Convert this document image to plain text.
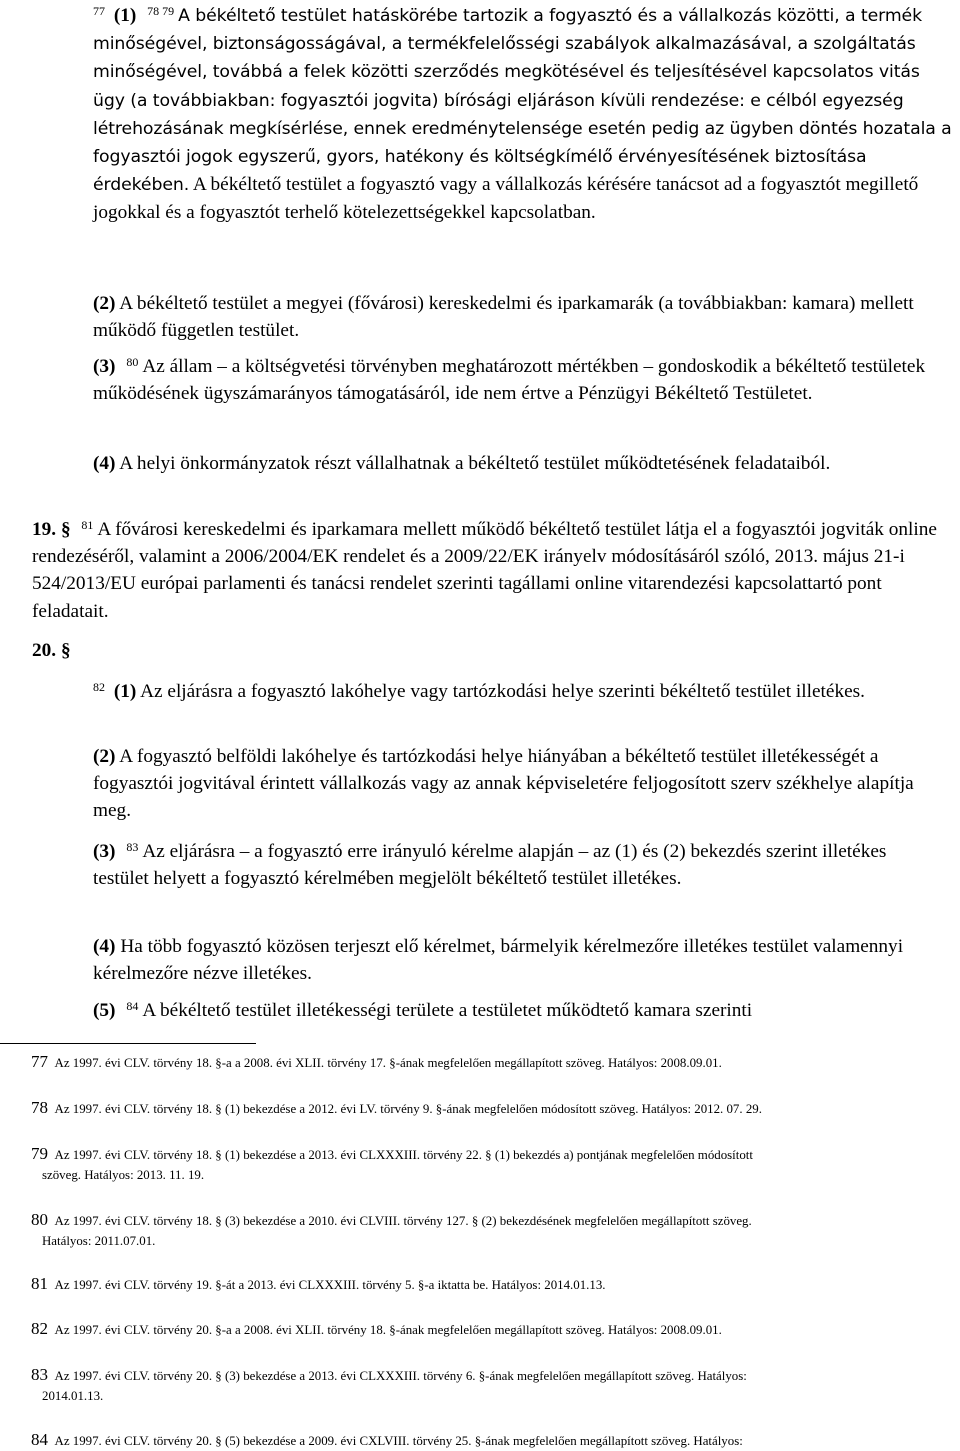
$^{77}$ (1) $^{78 79}$ A békéltető testület hatáskörébe tartozik a fogyasztó és a vállalkozás közötti, a termék minőségével, biztonságosságával, a termékfelelősségi szabályok alkalmazásával, a szolgáltatás minőségével, továbbá a felek közötti szerződés megkötésével és teljesítésével kapcsolatos vitás ügy (a továbbiakban: fogyasztói jogvita) bírósági eljáráson kívüli rendezése: e célból egyezség létrehozásának megkísérlése, ennek eredménytelensége esetén pedig az ügyben döntés hozatala a fogyasztói jogok egyszerű, gyors, hatékony és költségkímélő érvényesítésének biztosítása érdekében. A békéltető testület a fogyasztó vagy a vállalkozás kérésére tanácsot ad a fogyasztót megillető jogokkal és a fogyasztót terhelő kötelezettségekkel kapcsolatban.

(2) A békéltető testület a megyei (fővárosi) kereskedelmi és iparkamarák (a továbbiakban: kamara) mellett működő független testület.

(3) $^{80}$ Az állam – a költségvetési törvényben meghatározott mértékben – gondoskodik a békéltető testületek működésének ügyszámarányos támogatásáról, ide nem értve a Pénzügyi Békéltető Testületet.

(4) A helyi önkormányzatok részt vállalhatnak a békéltető testület működtetésének feladataiból.

19. § $^{81}$ A fővárosi kereskedelmi és iparkamara mellett működő békéltető testület látja el a fogyasztói jogviták online rendezéséről, valamint a 2006/2004/EK rendelet és a 2009/22/EK irányelv módosításáról szóló, 2013. május 21-i 524/2013/EU európai parlamenti és tanácsi rendelet szerinti tagállami online vitarendezési kapcsolattartó pont feladatait.

20. §

$^{82}$ (1) Az eljárásra a fogyasztó lakóhelye vagy tartózkodási helye szerinti békéltető testület illetékes.

(2) A fogyasztó belföldi lakóhelye és tartózkodási helye hiányában a békéltető testület illetékességét a fogyasztói jogvitával érintett vállalkozás vagy az annak képviseletére feljogosított szerv székhelye alapítja meg.

(3) $^{83}$ Az eljárásra – a fogyasztó erre irányuló kérelme alapján – az (1) és (2) bekezdés szerint illetékes testület helyett a fogyasztó kérelmében megjelölt békéltető testület illetékes.

(4) Ha több fogyasztó közösen terjeszt elő kérelmet, bármelyik kérelmezőre illetékes testület valamennyi kérelmezőre nézve illetékes.

(5) $^{84}$ A békéltető testület illetékességi területe a testületet működtető kamara szerinti

77 Az 1997. évi CLV. törvény 18. §-a a 2008. évi XLII. törvény 17. §-ának megfelelően megállapított szöveg. Hatályos: 2008.09.01.
78 Az 1997. évi CLV. törvény 18. § (1) bekezdése a 2012. évi LV. törvény 9. §-ának megfelelően módosított szöveg. Hatályos: 2012. 07. 29.
79 Az 1997. évi CLV. törvény 18. § (1) bekezdése a 2013. évi CLXXXIII. törvény 22. § (1) bekezdés a) pontjának megfelelően módosított
szöveg. Hatályos: 2013. 11. 19.
80 Az 1997. évi CLV. törvény 18. § (3) bekezdése a 2010. évi CLVIII. törvény 127. § (2) bekezdésének megfelelően megállapított szöveg.
Hatályos: 2011.07.01.
81 Az 1997. évi CLV. törvény 19. §-át a 2013. évi CLXXXIII. törvény 5. §-a iktatta be. Hatályos: 2014.01.13.
82 Az 1997. évi CLV. törvény 20. §-a a 2008. évi XLII. törvény 18. §-ának megfelelően megállapított szöveg. Hatályos: 2008.09.01.
83 Az 1997. évi CLV. törvény 20. § (3) bekezdése a 2013. évi CLXXXIII. törvény 6. §-ának megfelelően megállapított szöveg. Hatályos:
2014.01.13.
84 Az 1997. évi CLV. törvény 20. § (5) bekezdése a 2009. évi CXLVIII. törvény 25. §-ának megfelelően megállapított szöveg. Hatályos:
